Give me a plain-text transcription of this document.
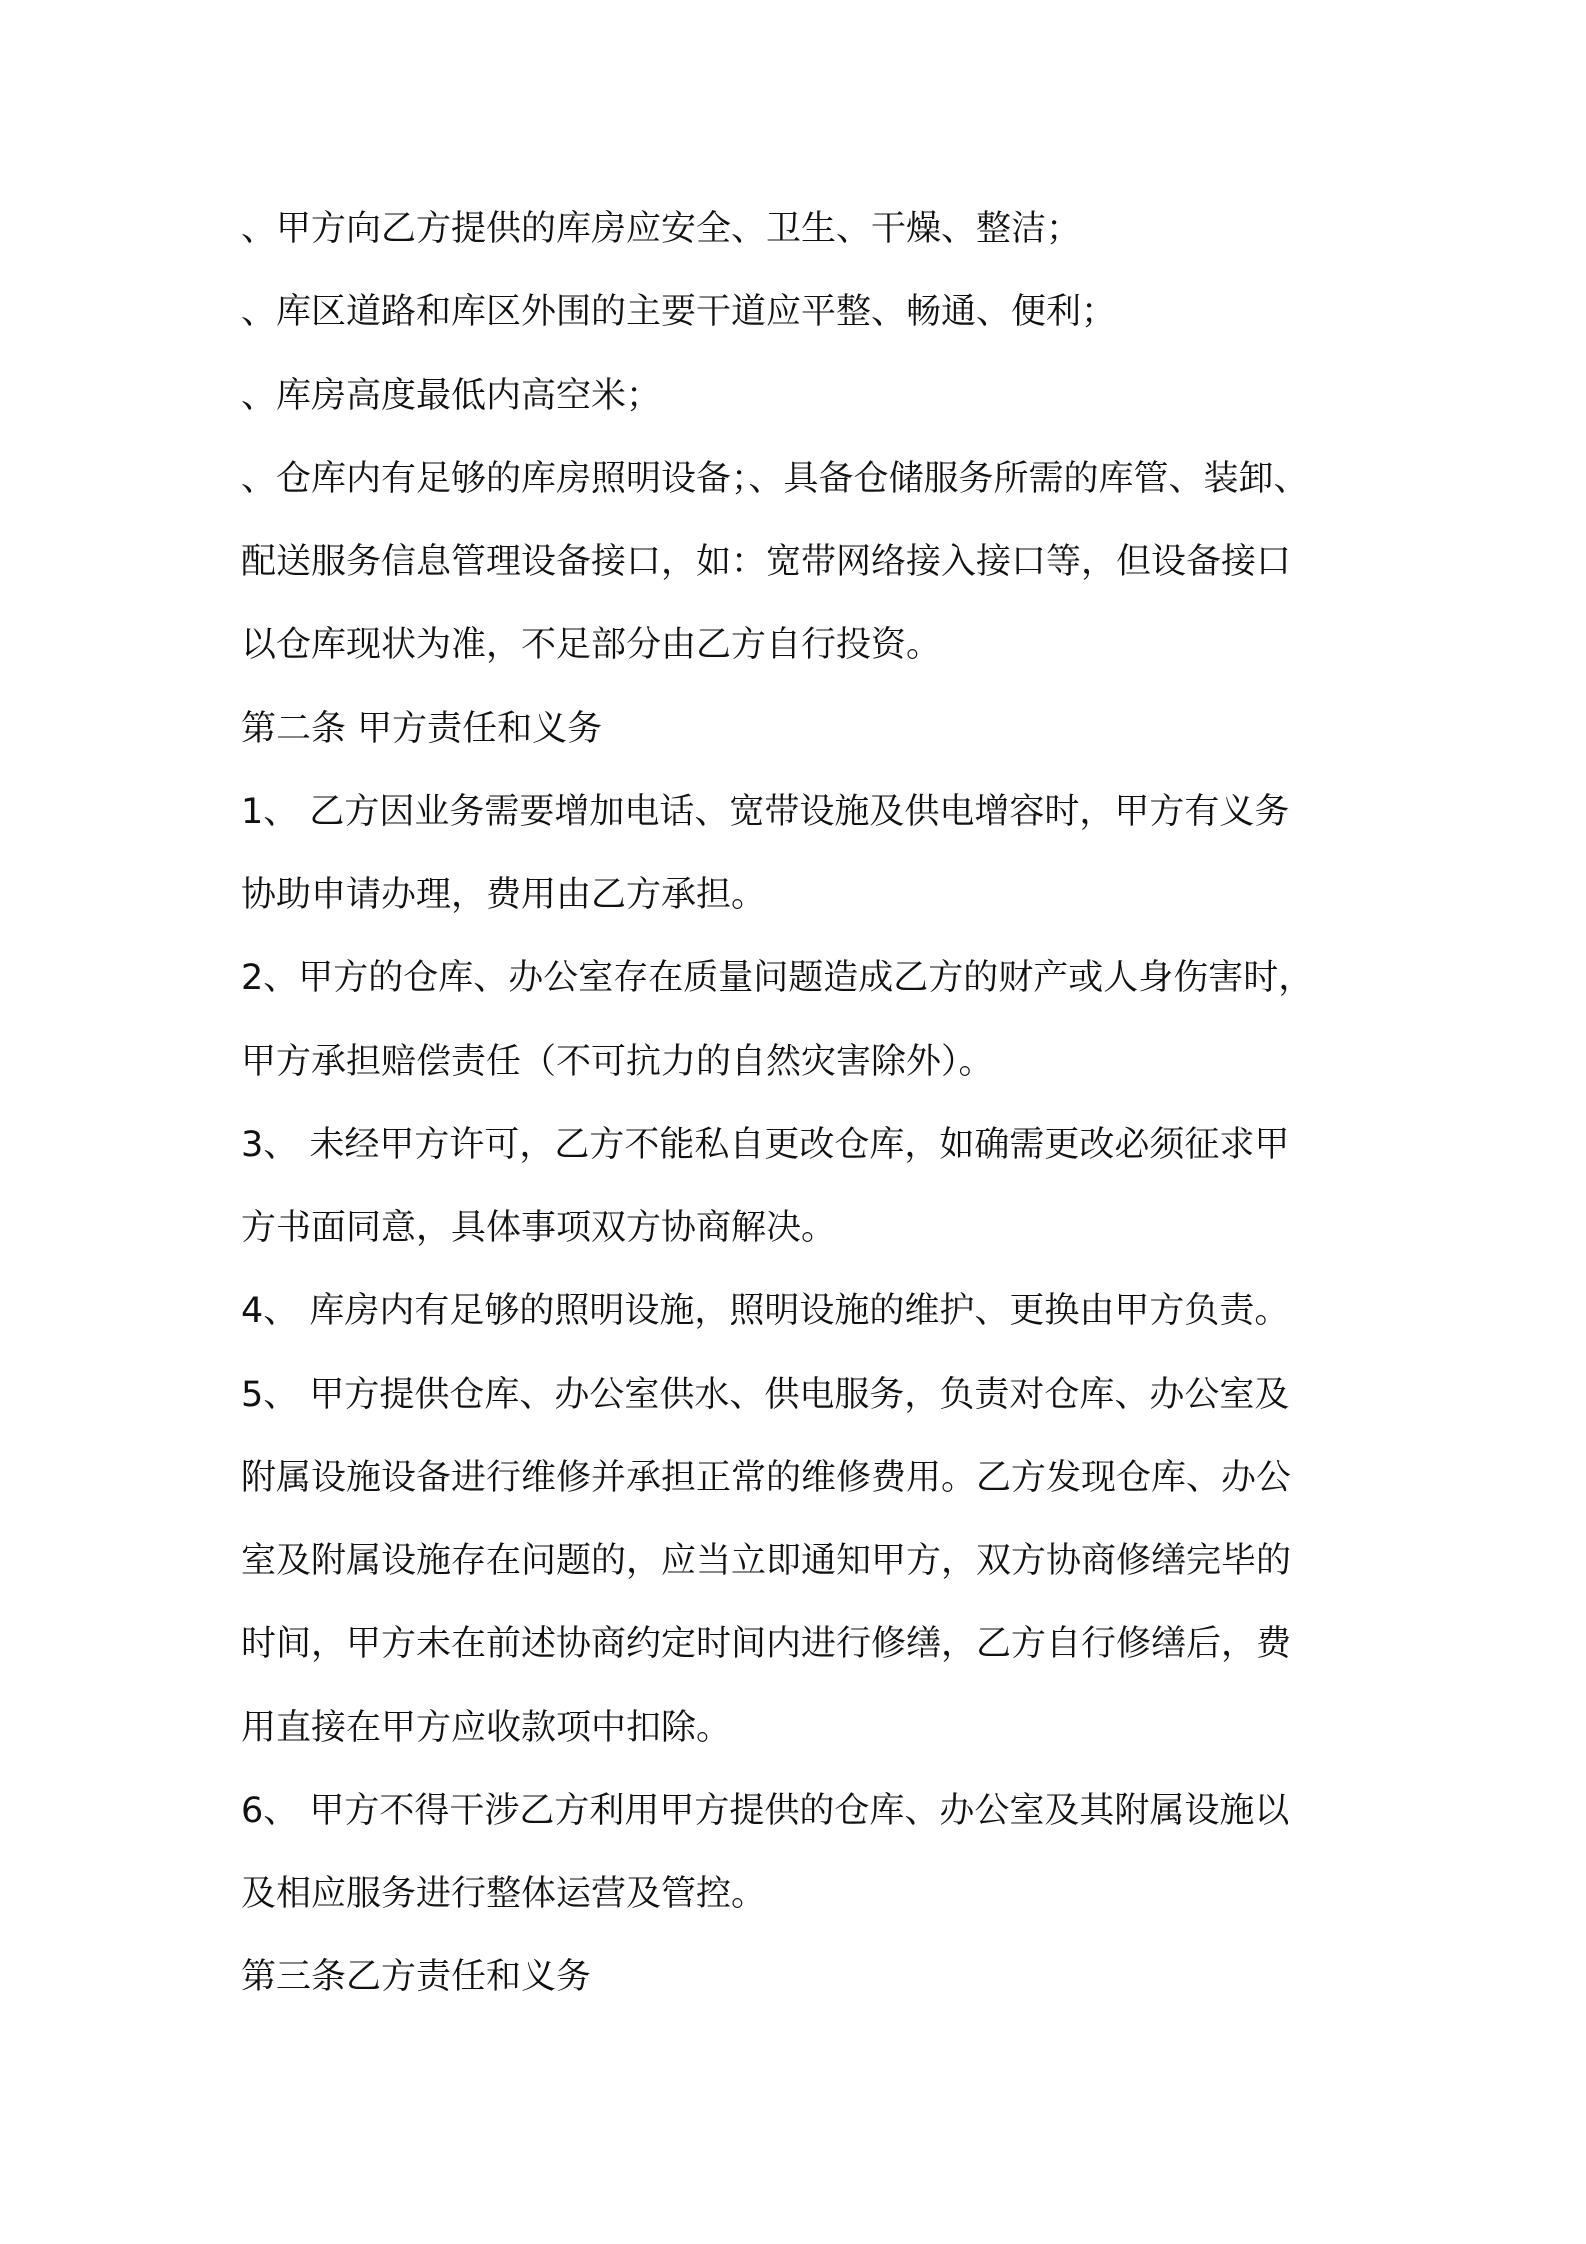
、甲方向乙方提供的库房应安全、卫生、干燥、整洁；
、库区道路和库区外围的主要干道应平整、畅通、便利；
、库房高度最低内高空米；
、仓库内有足够的库房照明设备；、具备仓储服务所需的库管、装卸、
配送服务信息管理设备接口，如：宽带网络接入接口等，但设备接口
以仓库现状为准，不足部分由乙方自行投资。
第二条 甲方责任和义务
1、 乙方因业务需要增加电话、宽带设施及供电增容时，甲方有义务
协助申请办理，费用由乙方承担。
2、甲方的仓库、办公室存在质量问题造成乙方的财产或人身伤害时，
甲方承担赔偿责任（不可抗力的自然灾害除外）。
3、 未经甲方许可，乙方不能私自更改仓库，如确需更改必须征求甲
方书面同意，具体事项双方协商解决。
4、 库房内有足够的照明设施，照明设施的维护、更换由甲方负责。
5、 甲方提供仓库、办公室供水、供电服务，负责对仓库、办公室及
附属设施设备进行维修并承担正常的维修费用。乙方发现仓库、办公
室及附属设施存在问题的，应当立即通知甲方，双方协商修缮完毕的
时间，甲方未在前述协商约定时间内进行修缮，乙方自行修缮后，费
用直接在甲方应收款项中扣除。
6、 甲方不得干涉乙方利用甲方提供的仓库、办公室及其附属设施以
及相应服务进行整体运营及管控。
第三条乙方责任和义务
